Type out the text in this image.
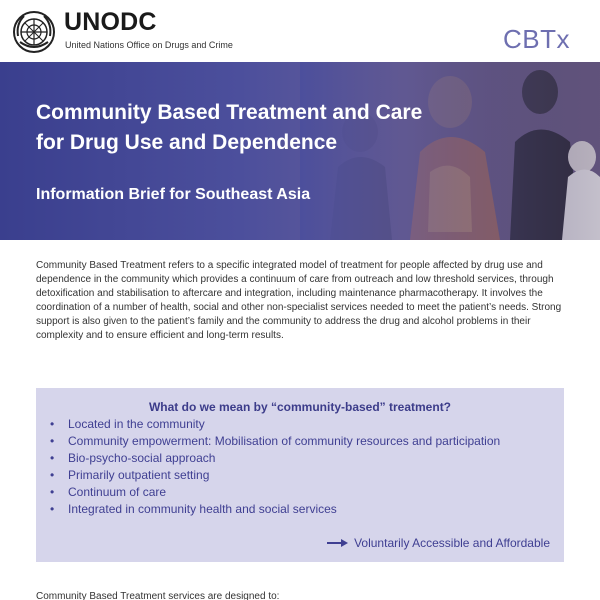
UNODC
United Nations Office on Drugs and Crime	CBTx
Community Based Treatment and Care
for Drug Use and Dependence
Information Brief for Southeast Asia

Community Based Treatment refers to a specific integrated model of treatment for people affected by drug use and dependence in the community which provides a continuum of care from outreach and low threshold services, through detoxification and stabilisation to aftercare and integration, including maintenance pharmacotherapy. It involves the coordination of a number of health, social and other non-specialist services needed to meet the patient’s needs. Strong support is also given to the patient’s family and the community to address the drug and alcohol problems in their complexity and to ensure efficient and long-term results.

What do we mean by “community-based” treatment?
• Located in the community
• Community empowerment: Mobilisation of community resources and participation
• Bio-psycho-social approach
• Primarily outpatient setting
• Continuum of care
• Integrated in community health and social services
Voluntarily Accessible and Affordable
Community Based Treatment services are designed to:
